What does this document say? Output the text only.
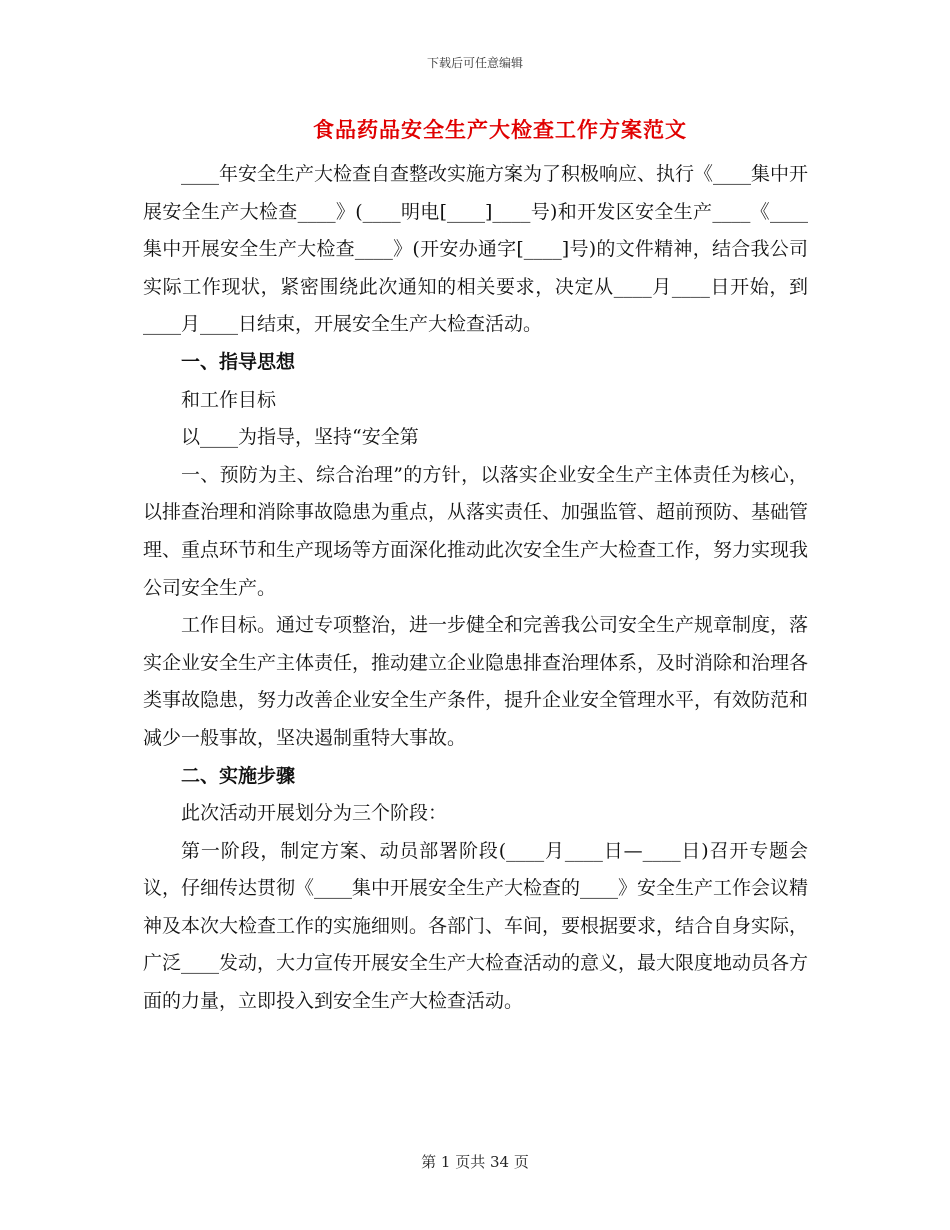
下载后可任意编辑
食品药品安全生产大检查工作方案范文

____年安全生产大检查自查整改实施方案为了积极响应、执行《____集中开展安全生产大检查____》(____明电[____]____号)和开发区安全生产____《____集中开展安全生产大检查____》(开安办通字[____]号)的文件精神，结合我公司实际工作现状，紧密围绕此次通知的相关要求，决定从____月____日开始，到____月____日结束，开展安全生产大检查活动。

一、指导思想

和工作目标

以____为指导，坚持“安全第

一、预防为主、综合治理”的方针，以落实企业安全生产主体责任为核心，以排查治理和消除事故隐患为重点，从落实责任、加强监管、超前预防、基础管理、重点环节和生产现场等方面深化推动此次安全生产大检查工作，努力实现我公司安全生产。

工作目标。通过专项整治，进一步健全和完善我公司安全生产规章制度，落实企业安全生产主体责任，推动建立企业隐患排查治理体系，及时消除和治理各类事故隐患，努力改善企业安全生产条件，提升企业安全管理水平，有效防范和减少一般事故，坚决遏制重特大事故。

二、实施步骤

此次活动开展划分为三个阶段：

第一阶段，制定方案、动员部署阶段(____月____日—____日)召开专题会议，仔细传达贯彻《____集中开展安全生产大检查的____》安全生产工作会议精神及本次大检查工作的实施细则。各部门、车间，要根据要求，结合自身实际，广泛____发动，大力宣传开展安全生产大检查活动的意义，最大限度地动员各方面的力量，立即投入到安全生产大检查活动。

第 1 页共 34 页
